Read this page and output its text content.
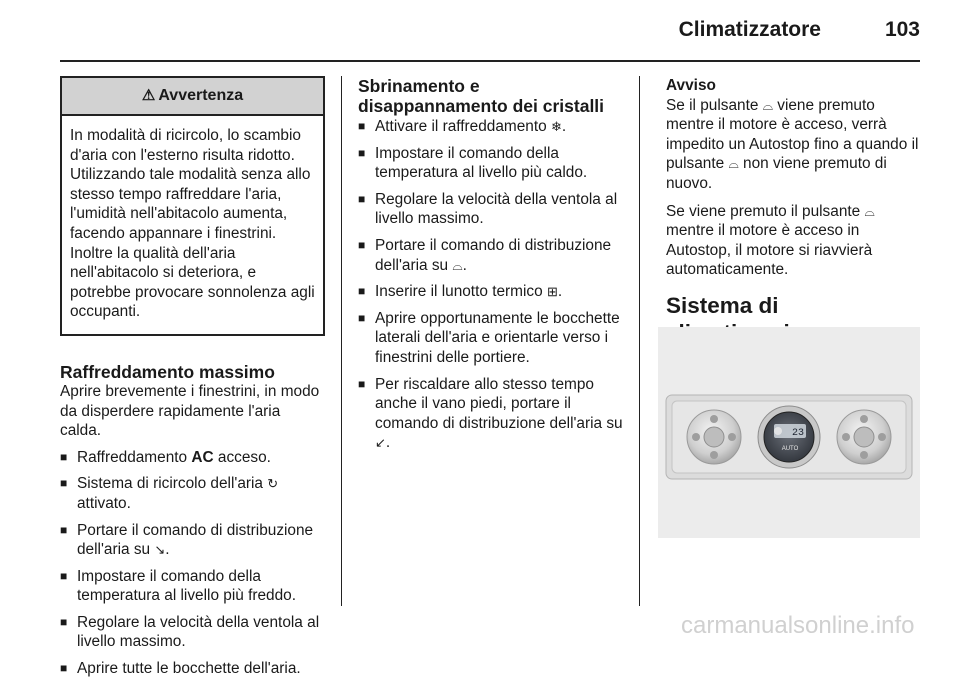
Climatizzatore	103
⚠ Avvertenza
In modalità di ricircolo, lo scambio d'aria con l'esterno risulta ridotto. Utilizzando tale modalità senza allo stesso tempo raffreddare l'aria, l'umidità nell'abitacolo aumenta, facendo appannare i finestrini. Inoltre la qualità dell'aria nell'abitacolo si deteriora, e potrebbe provocare sonnolenza agli occupanti.
Raffreddamento massimo

Aprire brevemente i finestrini, in modo da disperdere rapidamente l'aria calda.

■ Raffreddamento AC acceso.
■ Sistema di ricircolo dell'aria ↻ attivato.
■ Portare il comando di distribuzione dell'aria su ↘.
■ Impostare il comando della temperatura al livello più freddo.
■ Regolare la velocità della ventola al livello massimo.
■ Aprire tutte le bocchette dell'aria.
Sbrinamento e disappannamento dei cristalli
■ Attivare il raffreddamento ❄.
■ Impostare il comando della temperatura al livello più caldo.
■ Regolare la velocità della ventola al livello massimo.
■ Portare il comando di distribuzione dell'aria su ⌓.
■ Inserire il lunotto termico ⊞.
■ Aprire opportunamente le bocchette laterali dell'aria e orientarle verso i finestrini delle portiere.
■ Per riscaldare allo stesso tempo anche il vano piedi, portare il comando di distribuzione dell'aria su ↙.
Avviso

Se il pulsante ⌓ viene premuto mentre il motore è acceso, verrà impedito un Autostop fino a quando il pulsante ⌓ non viene premuto di nuovo.

Se viene premuto il pulsante ⌓ mentre il motore è acceso in Autostop, il motore si riavvierà automaticamente.

Sistema di
23
AUTO
carmanualsonline.info
